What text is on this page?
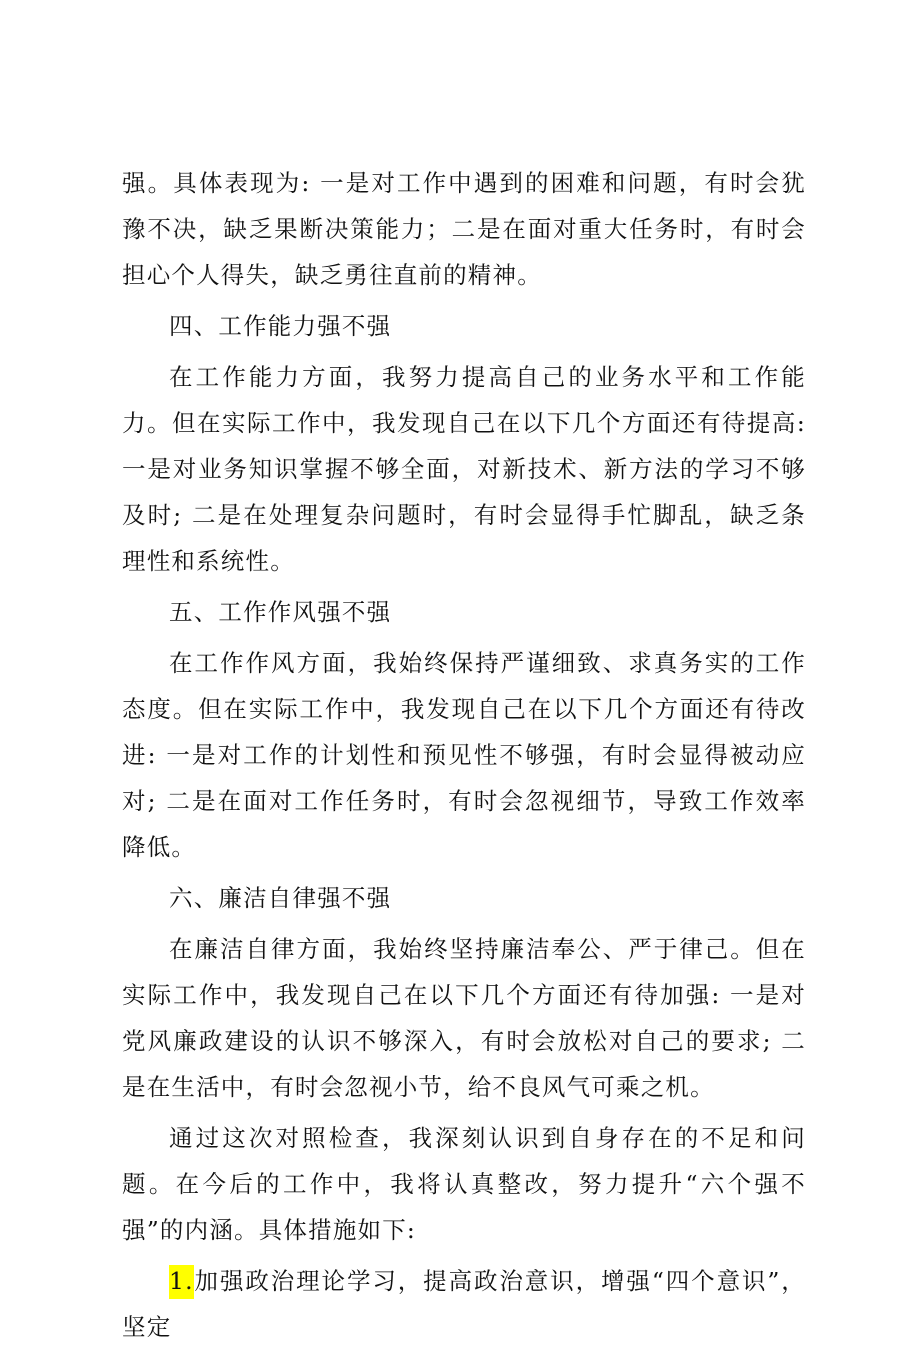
强。具体表现为: 一是对工作中遇到的困难和问题，有时会犹豫不决，缺乏果断决策能力；二是在面对重大任务时，有时会担心个人得失，缺乏勇往直前的精神。

四、工作能力强不强

在工作能力方面，我努力提高自己的业务水平和工作能力。但在实际工作中，我发现自己在以下几个方面还有待提高: 一是对业务知识掌握不够全面，对新技术、新方法的学习不够及时; 二是在处理复杂问题时，有时会显得手忙脚乱，缺乏条理性和系统性。

五、工作作风强不强

在工作作风方面，我始终保持严谨细致、求真务实的工作态度。但在实际工作中，我发现自己在以下几个方面还有待改进: 一是对工作的计划性和预见性不够强，有时会显得被动应对; 二是在面对工作任务时，有时会忽视细节，导致工作效率降低。

六、廉洁自律强不强

在廉洁自律方面，我始终坚持廉洁奉公、严于律己。但在实际工作中，我发现自己在以下几个方面还有待加强: 一是对党风廉政建设的认识不够深入，有时会放松对自己的要求; 二是在生活中，有时会忽视小节，给不良风气可乘之机。

通过这次对照检查，我深刻认识到自身存在的不足和问题。在今后的工作中，我将认真整改，努力提升“六个强不强”的内涵。具体措施如下:

1.加强政治理论学习，提高政治意识，增强“四个意识”，坚定
